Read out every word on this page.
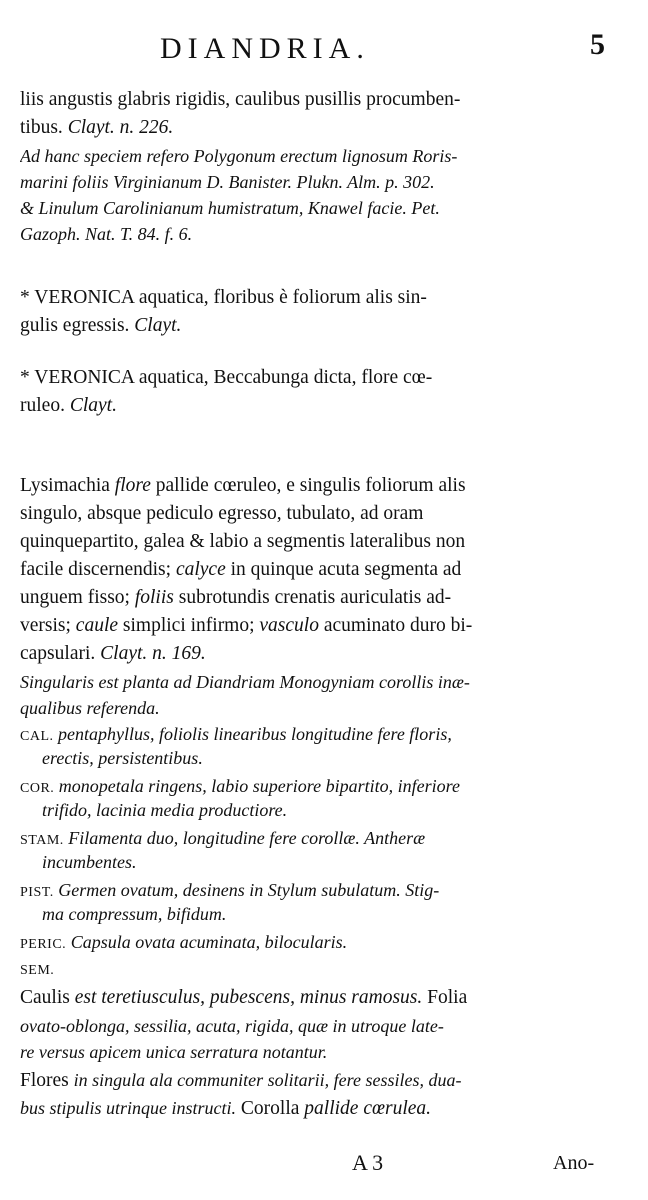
DIANDRIA.	5
liis angustis glabris rigidis, caulibus pusillis procumben-
tibus. Clayt. n. 226.
Ad hanc speciem refero Polygonum erectum lignosum Roris-
marini foliis Virginianum D. Banister. Plukn. Alm. p. 302.
& Linulum Carolinianum humistratum, Knawel facie. Pet.
Gazoph. Nat. T. 84. f. 6.
* VERONICA aquatica, floribus è foliorum alis sin-
gulis egressis. Clayt.
* VERONICA aquatica, Beccabunga dicta, flore cœ-
ruleo. Clayt.
Lysimachia flore pallide cœruleo, e singulis foliorum alis
singulo, absque pediculo egresso, tubulato, ad oram
quinquepartito, galea & labio a segmentis lateralibus non
facile discernendis; calyce in quinque acuta segmenta ad
unguem fisso; foliis subrotundis crenatis auriculatis ad-
versis; caule simplici infirmo; vasculo acuminato duro bi-
capsulari. Clayt. n. 169.
Singularis est planta ad Diandriam Monogyniam corollis inæ-
qualibus referenda.
CAL. pentaphyllus, foliolis linearibus longitudine fere floris,
erectis, persistentibus.
COR. monopetala ringens, labio superiore bipartito, inferiore
trifido, lacinia media productiore.
STAM. Filamenta duo, longitudine fere corollæ. Antheræ
incumbentes.
PIST. Germen ovatum, desinens in Stylum subulatum. Stig-
ma compressum, bifidum.
PERIC. Capsula ovata acuminata, bilocularis.
SEM.
Caulis est teretiusculus, pubescens, minus ramosus. Folia
ovato-oblonga, sessilia, acuta, rigida, quæ in utroque late-
re versus apicem unica serratura notantur.
Flores in singula ala communiter solitarii, fere sessiles, dua-
bus stipulis utrinque instructi. Corolla pallide cœrulea.
A 3	Ano-
